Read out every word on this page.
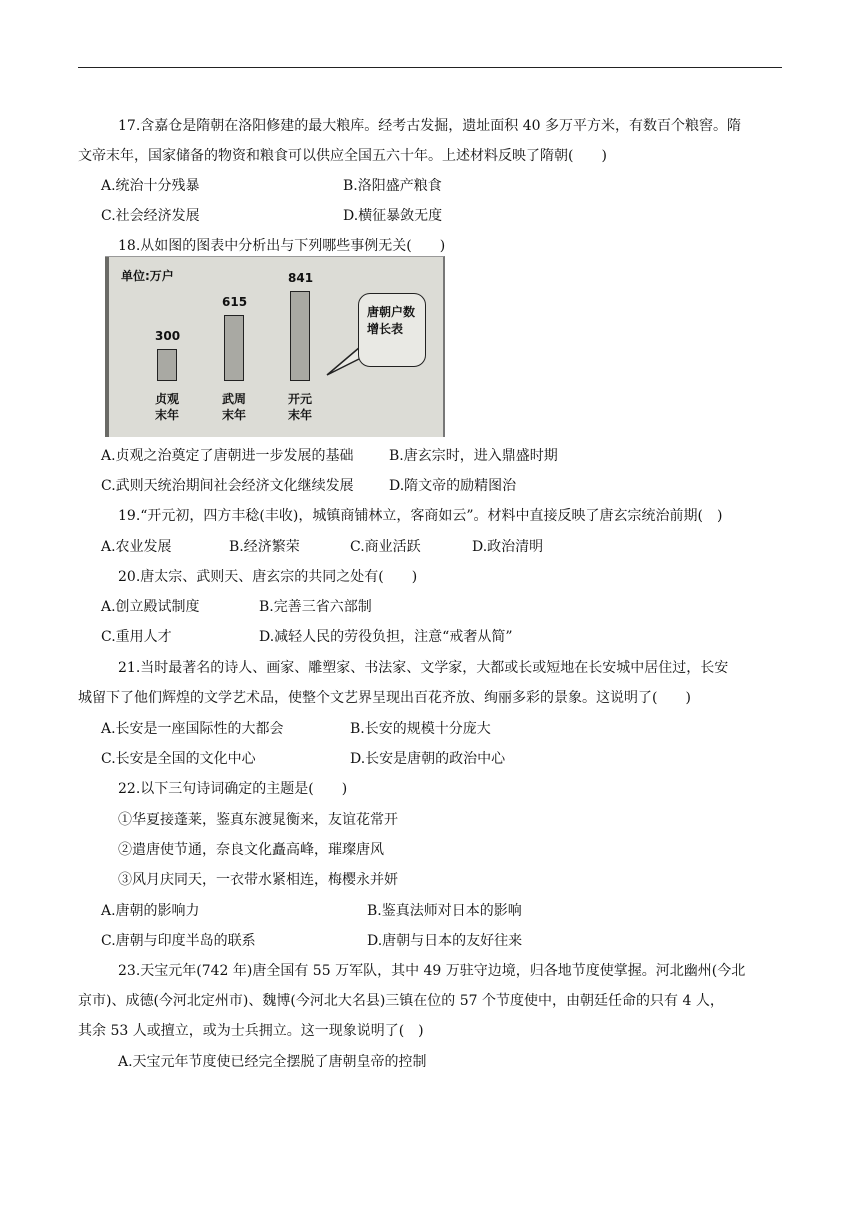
17.含嘉仓是隋朝在洛阳修建的最大粮库。经考古发掘，遗址面积 40 多万平方米，有数百个粮窖。隋
文帝末年，国家储备的物资和粮食可以供应全国五六十年。上述材料反映了隋朝(　　)
A.统治十分残暴	B.洛阳盛产粮食
C.社会经济发展	D.横征暴敛无度
18.从如图的图表中分析出与下列哪些事例无关(　　)
单位:万户
唐朝户数增长表
300
贞观
末年
615
武周
末年
841
开元
末年
A.贞观之治奠定了唐朝进一步发展的基础	B.唐玄宗时，进入鼎盛时期
C.武则天统治期间社会经济文化继续发展	D.隋文帝的励精图治
19.“开元初，四方丰稔(丰收)，城镇商铺林立，客商如云”。材料中直接反映了唐玄宗统治前期(　)
A.农业发展	B.经济繁荣	C.商业活跃	D.政治清明
20.唐太宗、武则天、唐玄宗的共同之处有(　　)
A.创立殿试制度	B.完善三省六部制
C.重用人才	D.减轻人民的劳役负担，注意“戒奢从简”
21.当时最著名的诗人、画家、雕塑家、书法家、文学家，大都或长或短地在长安城中居住过，长安
城留下了他们辉煌的文学艺术品，使整个文艺界呈现出百花齐放、绚丽多彩的景象。这说明了(　　)
A.长安是一座国际性的大都会	B.长安的规模十分庞大
C.长安是全国的文化中心	D.长安是唐朝的政治中心
22.以下三句诗词确定的主题是(　　)
①华夏接蓬莱，鉴真东渡晁衡来，友谊花常开
②遣唐使节通，奈良文化矗高峰，璀璨唐风
③风月庆同天，一衣带水紧相连，梅樱永并妍
A.唐朝的影响力	B.鉴真法师对日本的影响
C.唐朝与印度半岛的联系	D.唐朝与日本的友好往来
23.天宝元年(742 年)唐全国有 55 万军队，其中 49 万驻守边境，归各地节度使掌握。河北幽州(今北
京市)、成德(今河北定州市)、魏博(今河北大名县)三镇在位的 57 个节度使中，由朝廷任命的只有 4 人，
其余 53 人或擅立，或为士兵拥立。这一现象说明了(　)
A.天宝元年节度使已经完全摆脱了唐朝皇帝的控制
